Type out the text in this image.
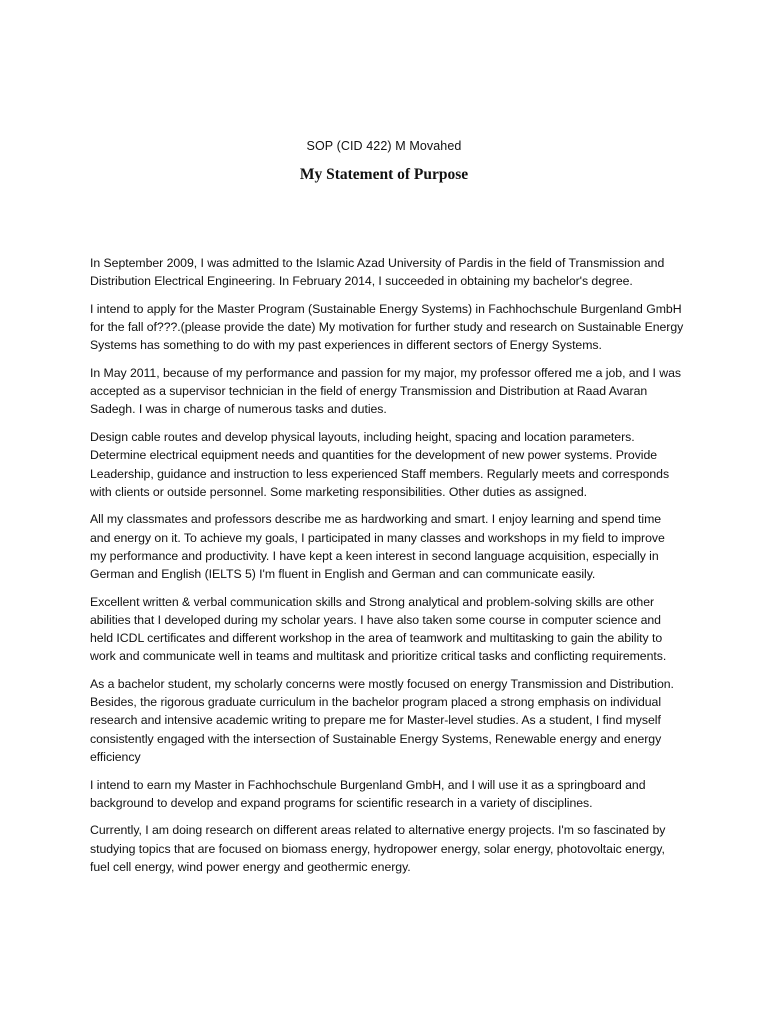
SOP (CID 422) M Movahed
My Statement of Purpose

In September 2009, I was admitted to the Islamic Azad University of Pardis in the field of Transmission and Distribution Electrical Engineering. In February 2014, I succeeded in obtaining my bachelor's degree.

I intend to apply for the Master Program (Sustainable Energy Systems) in Fachhochschule Burgenland GmbH for the fall of???.(please provide the date) My motivation for further study and research on Sustainable Energy Systems has something to do with my past experiences in different sectors of Energy Systems.

In May 2011, because of my performance and passion for my major, my professor offered me a job, and I was accepted as a supervisor technician in the field of energy Transmission and Distribution at Raad Avaran Sadegh. I was in charge of numerous tasks and duties.

Design cable routes and develop physical layouts, including height, spacing and location parameters. Determine electrical equipment needs and quantities for the development of new power systems. Provide Leadership, guidance and instruction to less experienced Staff members. Regularly meets and corresponds with clients or outside personnel. Some marketing responsibilities. Other duties as assigned.

All my classmates and professors describe me as hardworking and smart. I enjoy learning and spend time and energy on it. To achieve my goals, I participated in many classes and workshops in my field to improve my performance and productivity. I have kept a keen interest in second language acquisition, especially in German and English (IELTS 5) I'm fluent in English and German and can communicate easily.

Excellent written & verbal communication skills and Strong analytical and problem-solving skills are other abilities that I developed during my scholar years. I have also taken some course in computer science and held ICDL certificates and different workshop in the area of teamwork and multitasking to gain the ability to work and communicate well in teams and multitask and prioritize critical tasks and conflicting requirements.

As a bachelor student, my scholarly concerns were mostly focused on energy Transmission and Distribution. Besides, the rigorous graduate curriculum in the bachelor program placed a strong emphasis on individual research and intensive academic writing to prepare me for Master-level studies. As a student, I find myself consistently engaged with the intersection of Sustainable Energy Systems, Renewable energy and energy efficiency

I intend to earn my Master in Fachhochschule Burgenland GmbH, and I will use it as a springboard and background to develop and expand programs for scientific research in a variety of disciplines.

Currently, I am doing research on different areas related to alternative energy projects. I'm so fascinated by studying topics that are focused on biomass energy, hydropower energy, solar energy, photovoltaic energy, fuel cell energy, wind power energy and geothermic energy.
